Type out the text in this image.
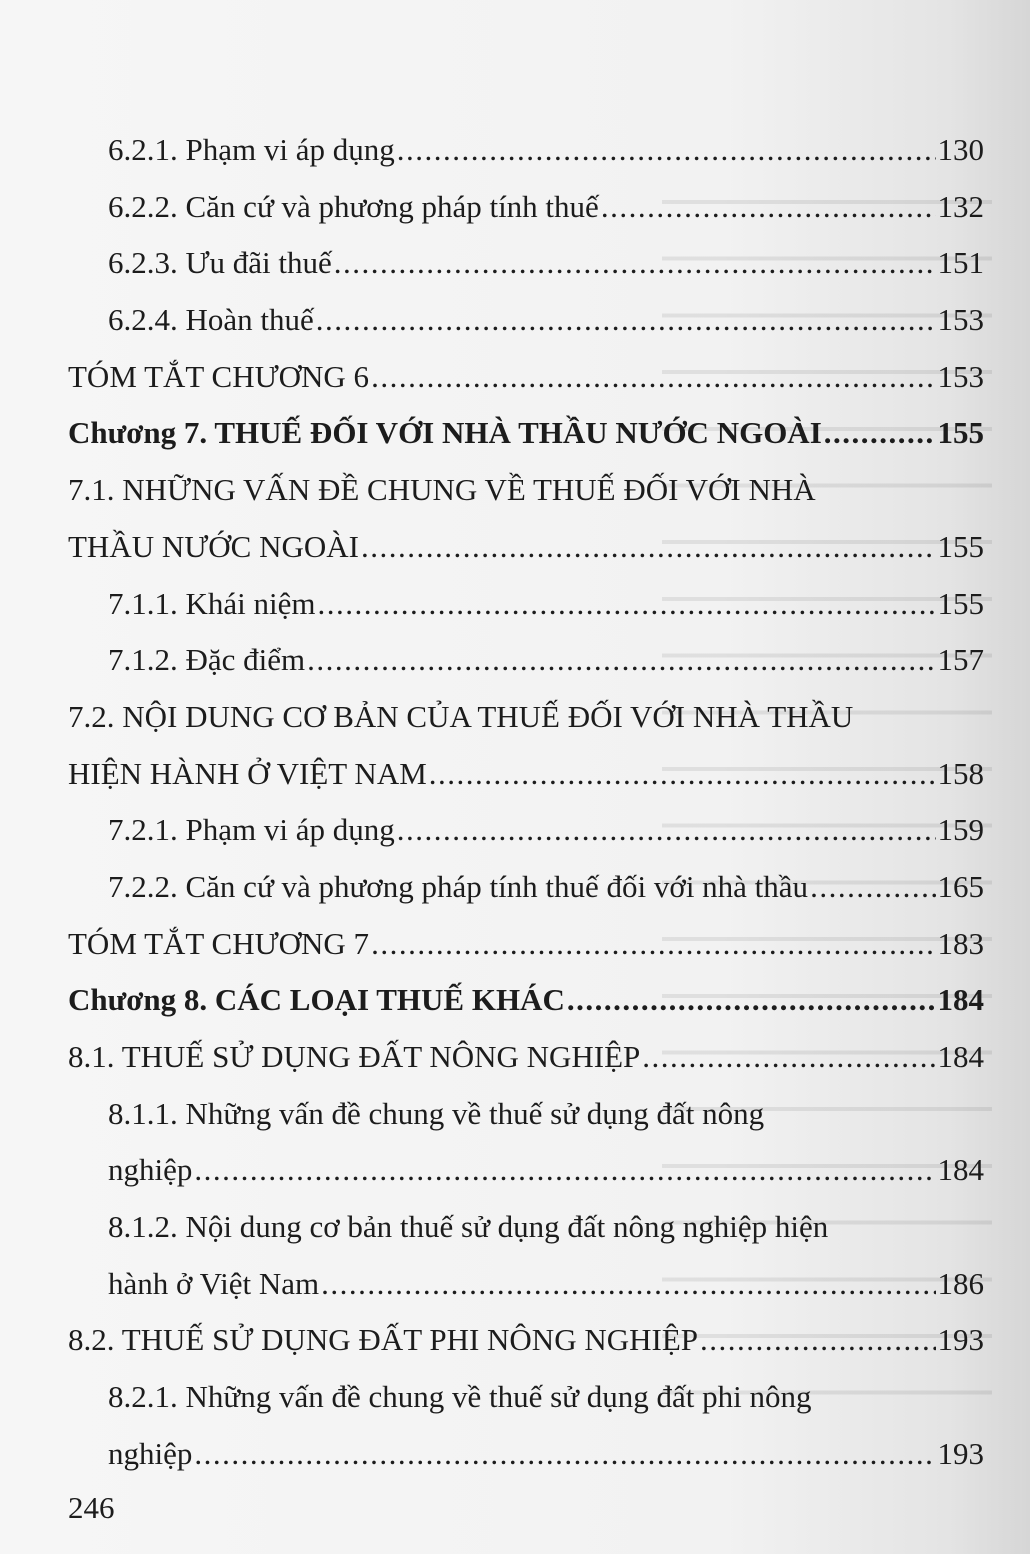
6.2.1. Phạm vi áp dụng .....	130
6.2.2. Căn cứ và phương pháp tính thuế .....	132
6.2.3. Ưu đãi thuế .....	151
6.2.4. Hoàn thuế .....	153
TÓM TẮT CHƯƠNG 6 .....	153
Chương 7. THUẾ ĐỐI VỚI NHÀ THẦU NƯỚC NGOÀI .....	155
7.1. NHỮNG VẤN ĐỀ CHUNG VỀ THUẾ ĐỐI VỚI NHÀ
THẦU NƯỚC NGOÀI .....	155
7.1.1. Khái niệm .....	155
7.1.2. Đặc điểm .....	157
7.2. NỘI DUNG CƠ BẢN CỦA THUẾ ĐỐI VỚI NHÀ THẦU
HIỆN HÀNH Ở VIỆT NAM .....	158
7.2.1. Phạm vi áp dụng .....	159
7.2.2. Căn cứ và phương pháp tính thuế đối với nhà thầu .....	165
TÓM TẮT CHƯƠNG 7 .....	183
Chương 8. CÁC LOẠI THUẾ KHÁC .....	184
8.1. THUẾ SỬ DỤNG ĐẤT NÔNG NGHIỆP .....	184
8.1.1. Những vấn đề chung về thuế sử dụng đất nông
nghiệp .....	184
8.1.2. Nội dung cơ bản thuế sử dụng đất nông nghiệp hiện
hành ở Việt Nam .....	186
8.2. THUẾ SỬ DỤNG ĐẤT PHI NÔNG NGHIỆP .....	193
8.2.1. Những vấn đề chung về thuế sử dụng đất phi nông
nghiệp .....	193
246
